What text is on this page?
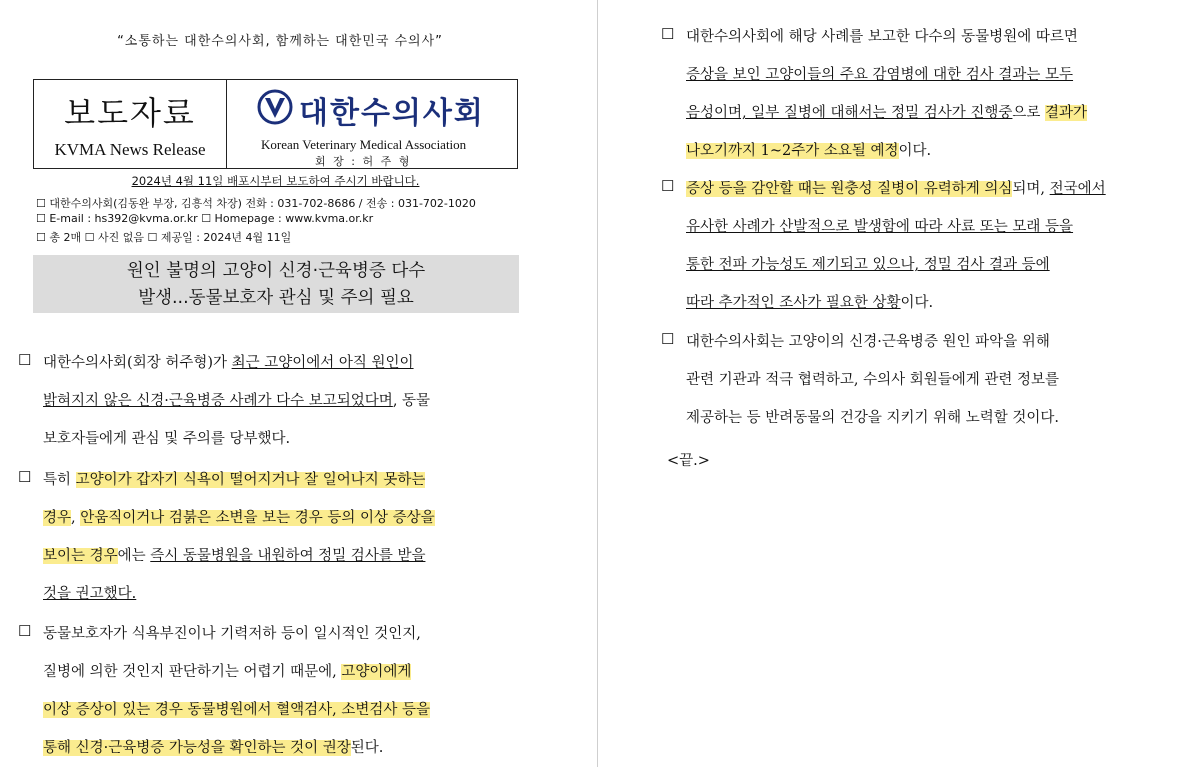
“소통하는 대한수의사회, 함께하는 대한민국 수의사”
보도자료
KVMA News Release
대한수의사회
Korean Veterinary Medical Association
회 장 : 허 주 형
2024년 4월 11일 배포시부터 보도하여 주시기 바랍니다.
☐ 대한수의사회(김동완 부장, 김흥석 차장) 전화 : 031-702-8686 / 전송 : 031-702-1020
☐ E-mail : hs392@kvma.or.kr ☐ Homepage : www.kvma.or.kr
☐ 총 2매 ☐ 사진 없음 ☐ 제공일 : 2024년 4월 11일
원인 불명의 고양이 신경·근육병증 다수
발생...동물보호자 관심 및 주의 필요
☐ 대한수의사회(회장 허주형)가 최근 고양이에서 아직 원인이
밝혀지지 않은 신경·근육병증 사례가 다수 보고되었다며, 동물
보호자들에게 관심 및 주의를 당부했다.
☐ 특히 고양이가 갑자기 식욕이 떨어지거나 잘 일어나지 못하는
경우, 안움직이거나 검붉은 소변을 보는 경우 등의 이상 증상을
보이는 경우에는 즉시 동물병원을 내원하여 정밀 검사를 받을
것을 권고했다.
☐ 동물보호자가 식욕부진이나 기력저하 등이 일시적인 것인지,
질병에 의한 것인지 판단하기는 어렵기 때문에, 고양이에게
이상 증상이 있는 경우 동물병원에서 혈액검사, 소변검사 등을
통해 신경·근육병증 가능성을 확인하는 것이 권장된다.
☐ 대한수의사회에 해당 사례를 보고한 다수의 동물병원에 따르면
증상을 보인 고양이들의 주요 감염병에 대한 검사 결과는 모두
음성이며, 일부 질병에 대해서는 정밀 검사가 진행중으로 결과가
나오기까지 1~2주가 소요될 예정이다.
☐ 증상 등을 감안할 때는 원충성 질병이 유력하게 의심되며, 전국에서
유사한 사례가 산발적으로 발생함에 따라 사료 또는 모래 등을
통한 전파 가능성도 제기되고 있으나, 정밀 검사 결과 등에
따라 추가적인 조사가 필요한 상황이다.
☐ 대한수의사회는 고양이의 신경·근육병증 원인 파악을 위해
관련 기관과 적극 협력하고, 수의사 회원들에게 관련 정보를
제공하는 등 반려동물의 건강을 지키기 위해 노력할 것이다.
<끝.>
